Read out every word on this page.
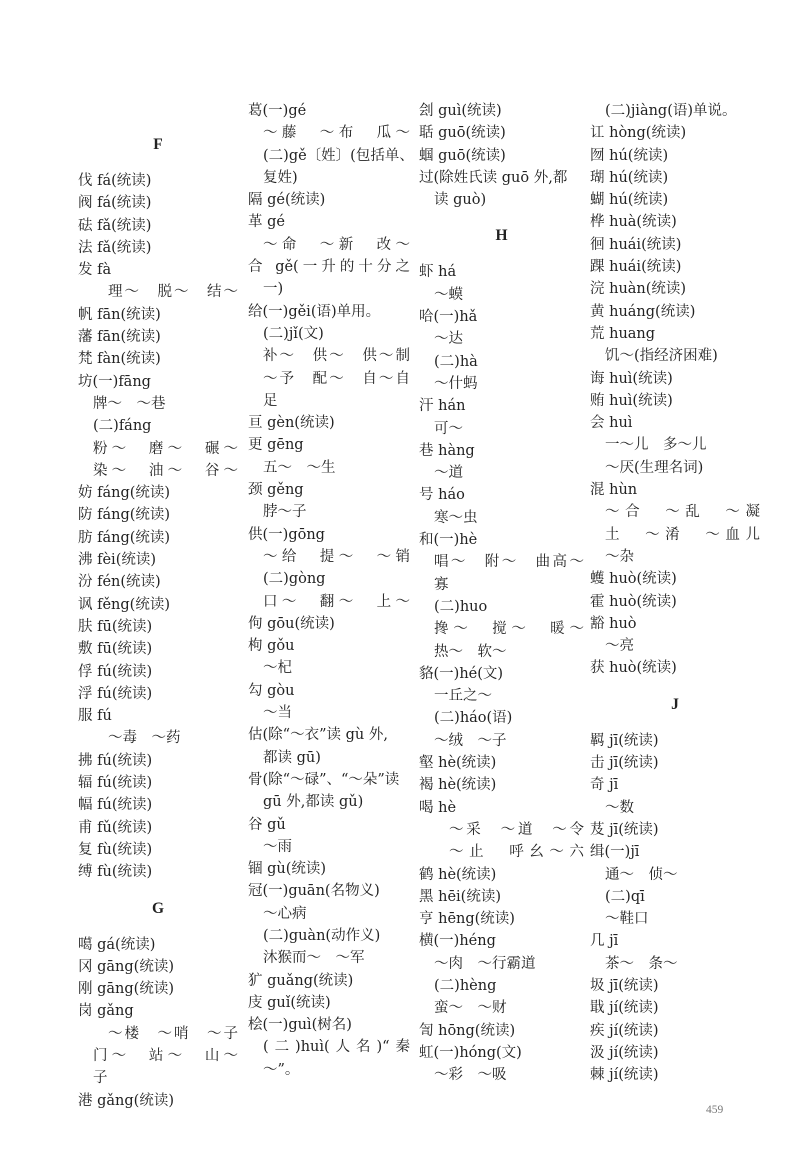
F
伐 fá(统读)
阀 fá(统读)
砝 fǎ(统读)
法 fǎ(统读)
发 fà
理～　脱～　结～
帆 fān(统读)
藩 fān(统读)
梵 fàn(统读)
坊(一)fāng
牌～　～巷
(二)fáng
粉～　磨～　碾～
染～　油～　谷～
妨 fáng(统读)
防 fáng(统读)
肪 fáng(统读)
沸 fèi(统读)
汾 fén(统读)
讽 fěng(统读)
肤 fū(统读)
敷 fū(统读)
俘 fú(统读)
浮 fú(统读)
服 fú
～毒　～药
拂 fú(统读)
辐 fú(统读)
幅 fú(统读)
甫 fǔ(统读)
复 fù(统读)
缚 fù(统读)
G
噶 gá(统读)
冈 gāng(统读)
刚 gāng(统读)
岗 gǎng
～楼　～哨　～子
门～　站～　山～
子
港 gǎng(统读)
葛(一)gé
～藤　～布　瓜～
(二)gě〔姓〕(包括单、
复姓)
隔 gé(统读)
革 gé
～命　～新　改～
合 gě(一升的十分之
一)
给(一)gěi(语)单用。
(二)jǐ(文)
补～　供～　供～制
～予　配～　自～自
足
亘 gèn(统读)
更 gēng
五～　～生
颈 gěng
脖～子
供(一)gōng
～给　提～　～销
(二)gòng
口～　翻～　上～
佝 gōu(统读)
枸 gǒu
～杞
勾 gòu
～当
估(除“～衣”读 gù 外,
都读 gū)
骨(除“～碌”、“～朵”读
gū 外,都读 gǔ)
谷 gǔ
～雨
锢 gù(统读)
冠(一)guān(名物义)
～心病
(二)guàn(动作义)
沐猴而～　～军
犷 guǎng(统读)
庋 guǐ(统读)
桧(一)guì(树名)
(二)huì(人名)“秦
～”。
刽 guì(统读)
聒 guō(统读)
蝈 guō(统读)
过(除姓氏读 guō 外,都
读 guò)
H
虾 há
～蟆
哈(一)hǎ
～达
(二)hà
～什蚂
汗 hán
可～
巷 hàng
～道
号 háo
寒～虫
和(一)hè
唱～　附～　曲高～
寡
(二)huo
搀～　搅～　暖～
热～　软～
貉(一)hé(文)
一丘之～
(二)háo(语)
～绒　～子
壑 hè(统读)
褐 hè(统读)
喝 hè
～采　～道　～令
～止　呼幺～六
鹤 hè(统读)
黑 hēi(统读)
亨 hēng(统读)
横(一)héng
～肉　～行霸道
(二)hèng
蛮～　～财
訇 hōng(统读)
虹(一)hóng(文)
～彩　～吸
(二)jiàng(语)单说。
讧 hòng(统读)
囫 hú(统读)
瑚 hú(统读)
蝴 hú(统读)
桦 huà(统读)
徊 huái(统读)
踝 huái(统读)
浣 huàn(统读)
黄 huáng(统读)
荒 huang
饥～(指经济困难)
诲 huì(统读)
贿 huì(统读)
会 huì
一～儿　多～儿
～厌(生理名词)
混 hùn
～合　～乱　～凝
土　～淆　～血儿
～杂
蠖 huò(统读)
霍 huò(统读)
豁 huò
～亮
获 huò(统读)
J
羁 jī(统读)
击 jī(统读)
奇 jī
～数
芨 jī(统读)
缉(一)jī
通～　侦～
(二)qī
～鞋口
几 jī
茶～　条～
圾 jī(统读)
戢 jí(统读)
疾 jí(统读)
汲 jí(统读)
棘 jí(统读)
459
